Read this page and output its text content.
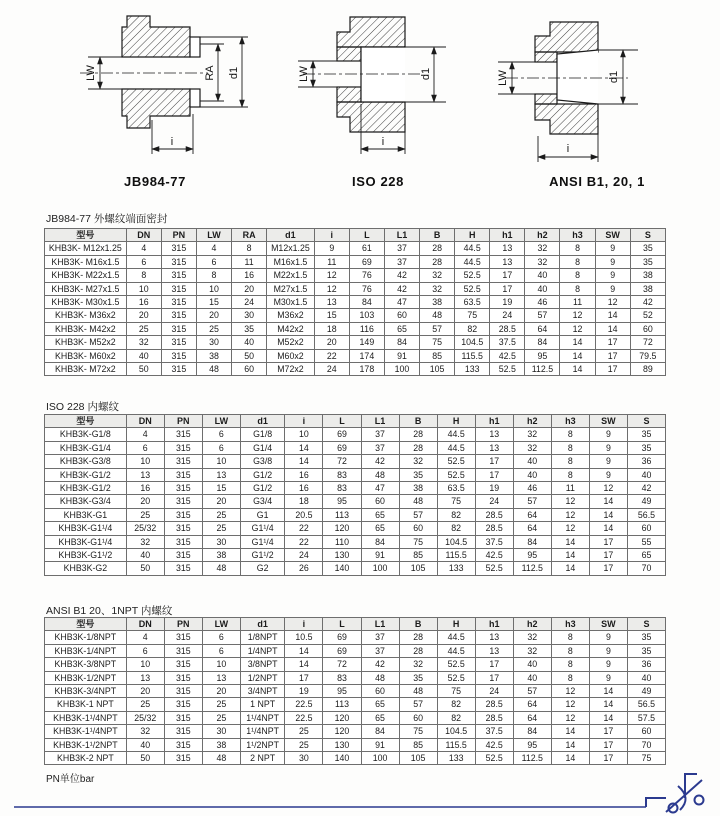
LW	RA d1
i
JB984-77
LW	d1
i
ISO 228
LW	d1
i
ANSI B1, 20, 1
JB984-77 外螺纹端面密封
型号	DN	PN	LW	RA	d1	i	L	L1	B	H	h1	h2	h3	SW	S
KHB3K- M12x1.25	4	315	4	8	M12x1.25	9	61	37	28	44.5	13	32	8	9	35
KHB3K- M16x1.5	6	315	6	11	M16x1.5	11	69	37	28	44.5	13	32	8	9	35
KHB3K- M22x1.5	8	315	8	16	M22x1.5	12	76	42	32	52.5	17	40	8	9	38
KHB3K- M27x1.5	10	315	10	20	M27x1.5	12	76	42	32	52.5	17	40	8	9	38
KHB3K- M30x1.5	16	315	15	24	M30x1.5	13	84	47	38	63.5	19	46	11	12	42
KHB3K- M36x2	20	315	20	30	M36x2	15	103	60	48	75	24	57	12	14	52
KHB3K- M42x2	25	315	25	35	M42x2	18	116	65	57	82	28.5	64	12	14	60
KHB3K- M52x2	32	315	30	40	M52x2	20	149	84	75	104.5	37.5	84	14	17	72
KHB3K- M60x2	40	315	38	50	M60x2	22	174	91	85	115.5	42.5	95	14	17	79.5
KHB3K- M72x2	50	315	48	60	M72x2	24	178	100	105	133	52.5	112.5	14	17	89
ISO 228 内螺纹
型号	DN	PN	LW	d1	i	L	L1	B	H	h1	h2	h3	SW	S
KHB3K-G1/8	4	315	6	G1/8	10	69	37	28	44.5	13	32	8	9	35
KHB3K-G1/4	6	315	6	G1/4	14	69	37	28	44.5	13	32	8	9	35
KHB3K-G3/8	10	315	10	G3/8	14	72	42	32	52.5	17	40	8	9	36
KHB3K-G1/2	13	315	13	G1/2	16	83	48	35	52.5	17	40	8	9	40
KHB3K-G1/2	16	315	15	G1/2	16	83	47	38	63.5	19	46	11	12	42
KHB3K-G3/4	20	315	20	G3/4	18	95	60	48	75	24	57	12	14	49
KHB3K-G1	25	315	25	G1	20.5	113	65	57	82	28.5	64	12	14	56.5
KHB3K-G1¹/4	25/32	315	25	G1¹/4	22	120	65	60	82	28.5	64	12	14	60
KHB3K-G1¹/4	32	315	30	G1¹/4	22	110	84	75	104.5	37.5	84	14	17	55
KHB3K-G1¹/2	40	315	38	G1¹/2	24	130	91	85	115.5	42.5	95	14	17	65
KHB3K-G2	50	315	48	G2	26	140	100	105	133	52.5	112.5	14	17	70
ANSI B1 20、1NPT 内螺纹
型号	DN	PN	LW	d1	i	L	L1	B	H	h1	h2	h3	SW	S
KHB3K-1/8NPT	4	315	6	1/8NPT	10.5	69	37	28	44.5	13	32	8	9	35
KHB3K-1/4NPT	6	315	6	1/4NPT	14	69	37	28	44.5	13	32	8	9	35
KHB3K-3/8NPT	10	315	10	3/8NPT	14	72	42	32	52.5	17	40	8	9	36
KHB3K-1/2NPT	13	315	13	1/2NPT	17	83	48	35	52.5	17	40	8	9	40
KHB3K-3/4NPT	20	315	20	3/4NPT	19	95	60	48	75	24	57	12	14	49
KHB3K-1 NPT	25	315	25	1 NPT	22.5	113	65	57	82	28.5	64	12	14	56.5
KHB3K-1¹/4NPT	25/32	315	25	1¹/4NPT	22.5	120	65	60	82	28.5	64	12	14	57.5
KHB3K-1¹/4NPT	32	315	30	1¹/4NPT	25	120	84	75	104.5	37.5	84	14	17	60
KHB3K-1¹/2NPT	40	315	38	1¹/2NPT	25	130	91	85	115.5	42.5	95	14	17	70
KHB3K-2 NPT	50	315	48	2 NPT	30	140	100	105	133	52.5	112.5	14	17	75
PN单位bar
